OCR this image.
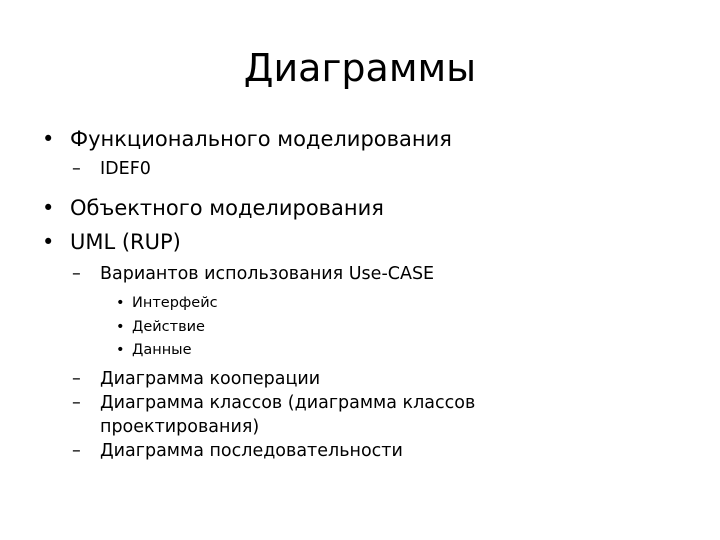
Диаграммы
• Функционального моделирования
– IDEF0
• Объектного моделирования
• UML (RUP)
– Вариантов использования Use-CASE
• Интерфейс
• Действие
• Данные
– Диаграмма кооперации
– Диаграмма классов (диаграмма классов
проектирования)
– Диаграмма последовательности
